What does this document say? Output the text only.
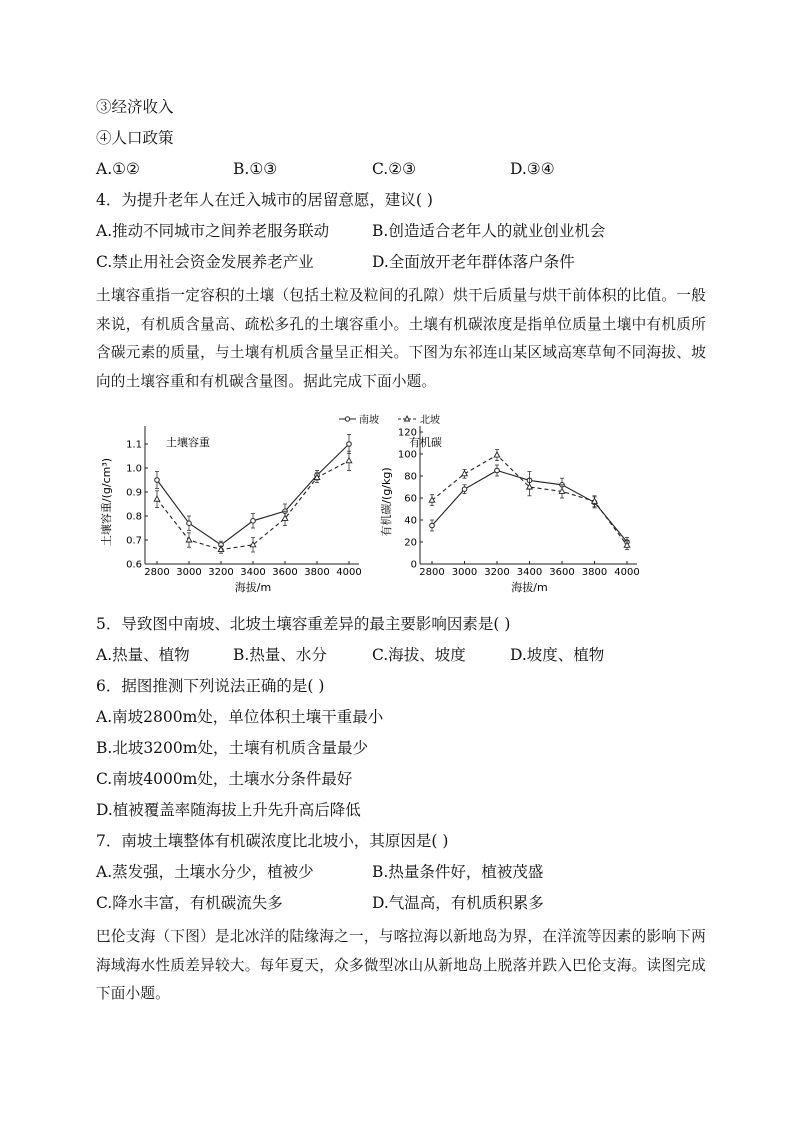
③经济收入
④人口政策
A.①②	B.①③	C.②③	D.③④
4．为提升老年人在迁入城市的居留意愿，建议( )
A.推动不同城市之间养老服务联动	B.创造适合老年人的就业创业机会
C.禁止用社会资金发展养老产业	D.全面放开老年群体落户条件
土壤容重指一定容积的土壤（包括土粒及粒间的孔隙）烘干后质量与烘干前体积的比值。一般来说，有机质含量高、疏松多孔的土壤容重小。土壤有机碳浓度是指单位质量土壤中有机质所含碳元素的质量，与土壤有机质含量呈正相关。下图为东祁连山某区域高寒草甸不同海拔、坡向的土壤容重和有机碳含量图。据此完成下面小题。
南坡	北坡
土壤容重
0.6
0.7
0.8
0.9
1.0
1.1
2800 3000 3200 3400 3600 3800 4000
海拔/m
土壤容重/(g/cm³)
有机碳
0
20
40
60
80
100
120
2800 3000 3200 3400 3600 3800 4000
海拔/m
有机碳/(g/kg)
5．导致图中南坡、北坡土壤容重差异的最主要影响因素是( )
A.热量、植物	B.热量、水分	C.海拔、坡度	D.坡度、植物
6．据图推测下列说法正确的是( )
A.南坡2800m处，单位体积土壤干重最小
B.北坡3200m处，土壤有机质含量最少
C.南坡4000m处，土壤水分条件最好
D.植被覆盖率随海拔上升先升高后降低
7．南坡土壤整体有机碳浓度比北坡小，其原因是( )
A.蒸发强，土壤水分少，植被少	B.热量条件好，植被茂盛
C.降水丰富，有机碳流失多	D.气温高，有机质积累多
巴伦支海（下图）是北冰洋的陆缘海之一，与喀拉海以新地岛为界，在洋流等因素的影响下两海域海水性质差异较大。每年夏天，众多微型冰山从新地岛上脱落并跌入巴伦支海。读图完成下面小题。
